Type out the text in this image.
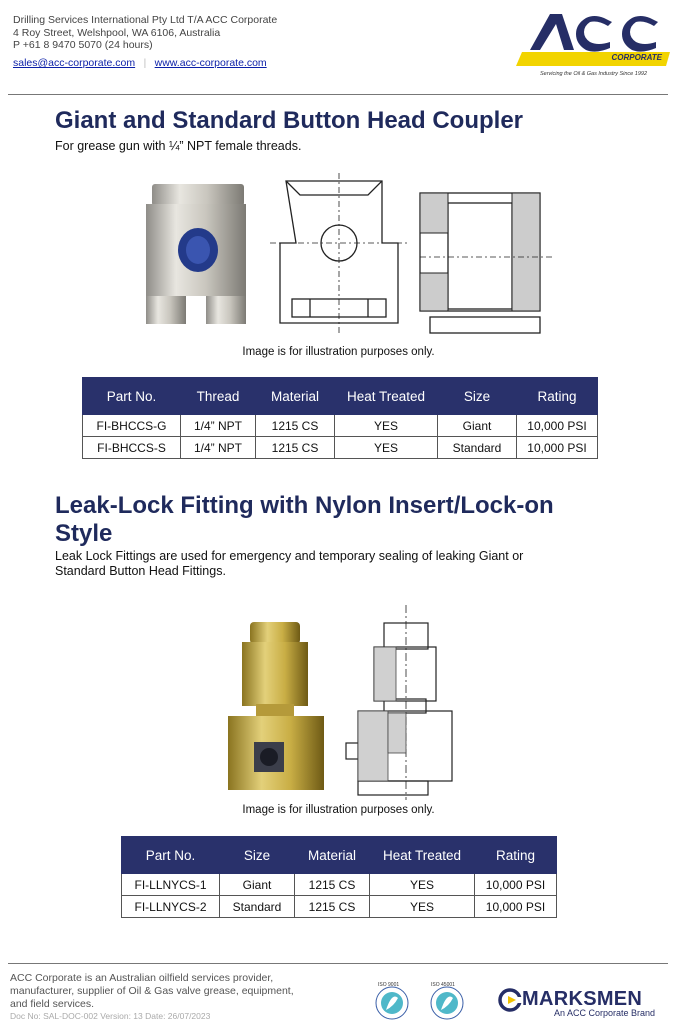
Drilling Services International Pty Ltd T/A ACC Corporate
4 Roy Street, Welshpool, WA 6106, Australia
P +61 8 9470 5070 (24 hours)
sales@acc-corporate.com | www.acc-corporate.com	CORPORATE
Servicing the Oil & Gas Industry Since 1992
Giant and Standard Button Head Coupler
For grease gun with ¼” NPT female threads.
Image is for illustration purposes only.
Part No.	Thread	Material	Heat Treated	Size	Rating
FI-BHCCS-G	1/4” NPT	1215 CS	YES	Giant	10,000 PSI
FI-BHCCS-S	1/4” NPT	1215 CS	YES	Standard	10,000 PSI
Leak-Lock Fitting with Nylon Insert/Lock-on
Style
Leak Lock Fittings are used for emergency and temporary sealing of leaking Giant or
Standard Button Head Fittings.
Image is for illustration purposes only.
Part No.	Size	Material	Heat Treated	Rating
FI-LLNYCS-1	Giant	1215 CS	YES	10,000 PSI
FI-LLNYCS-2	Standard	1215 CS	YES	10,000 PSI
ACC Corporate is an Australian oilfield services provider,
manufacturer, supplier of Oil & Gas valve grease, equipment,
and field services.
Doc No: SAL-DOC-002 Version: 13 Date: 26/07/2023
ISO 9001	ISO 45001
MARKSMEN
An ACC Corporate Brand
